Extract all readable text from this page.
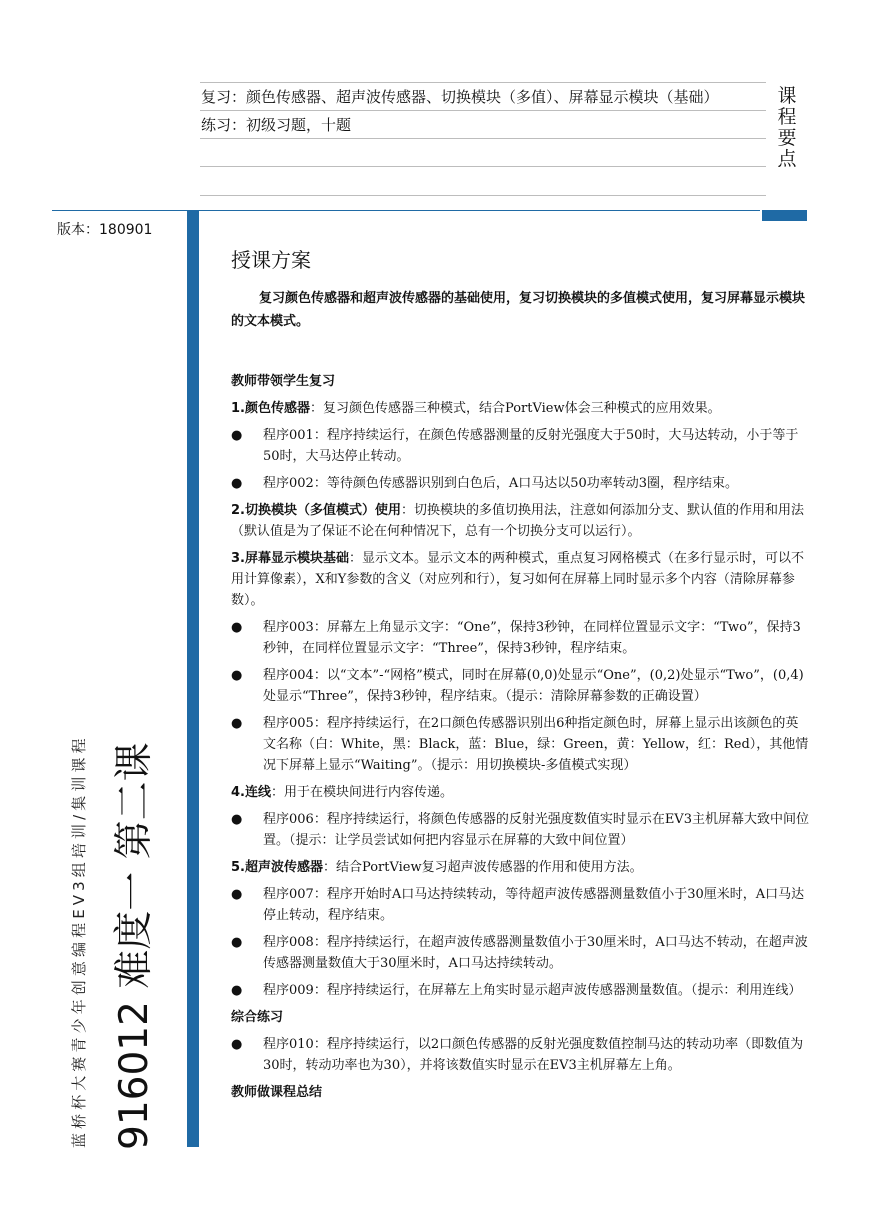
复习：颜色传感器、超声波传感器、切换模块（多值）、屏幕显示模块（基础）
练习：初级习题，十题
课程要点
版本：180901
蓝桥杯大赛青少年创意编程EV3组培训/集训课程 916012 难度一 第二课
授课方案
复习颜色传感器和超声波传感器的基础使用，复习切换模块的多值模式使用，复习屏幕显示模块的文本模式。
教师带领学生复习
1.颜色传感器：复习颜色传感器三种模式，结合PortView体会三种模式的应用效果。
● 程序001：程序持续运行，在颜色传感器测量的反射光强度大于50时，大马达转动，小于等于50时，大马达停止转动。
● 程序002：等待颜色传感器识别到白色后，A口马达以50功率转动3圈，程序结束。
2.切换模块（多值模式）使用：切换模块的多值切换用法，注意如何添加分支、默认值的作用和用法（默认值是为了保证不论在何种情况下，总有一个切换分支可以运行）。
3.屏幕显示模块基础：显示文本。显示文本的两种模式，重点复习网格模式（在多行显示时，可以不用计算像素），X和Y参数的含义（对应列和行），复习如何在屏幕上同时显示多个内容（清除屏幕参数）。
● 程序003：屏幕左上角显示文字：“One”，保持3秒钟，在同样位置显示文字：“Two”，保持3秒钟，在同样位置显示文字：“Three”，保持3秒钟，程序结束。
● 程序004：以“文本”-“网格”模式，同时在屏幕(0,0)处显示“One”，(0,2)处显示“Two”，(0,4)处显示“Three”，保持3秒钟，程序结束。（提示：清除屏幕参数的正确设置）
● 程序005：程序持续运行，在2口颜色传感器识别出6种指定颜色时，屏幕上显示出该颜色的英文名称（白：White，黑：Black，蓝：Blue，绿：Green，黄：Yellow，红：Red），其他情况下屏幕上显示“Waiting”。（提示：用切换模块-多值模式实现）
4.连线：用于在模块间进行内容传递。
● 程序006：程序持续运行，将颜色传感器的反射光强度数值实时显示在EV3主机屏幕大致中间位置。（提示：让学员尝试如何把内容显示在屏幕的大致中间位置）
5.超声波传感器：结合PortView复习超声波传感器的作用和使用方法。
● 程序007：程序开始时A口马达持续转动，等待超声波传感器测量数值小于30厘米时，A口马达停止转动，程序结束。
● 程序008：程序持续运行，在超声波传感器测量数值小于30厘米时，A口马达不转动，在超声波传感器测量数值大于30厘米时，A口马达持续转动。
● 程序009：程序持续运行，在屏幕左上角实时显示超声波传感器测量数值。（提示：利用连线）
综合练习
● 程序010：程序持续运行，以2口颜色传感器的反射光强度数值控制马达的转动功率（即数值为30时，转动功率也为30），并将该数值实时显示在EV3主机屏幕左上角。
教师做课程总结
